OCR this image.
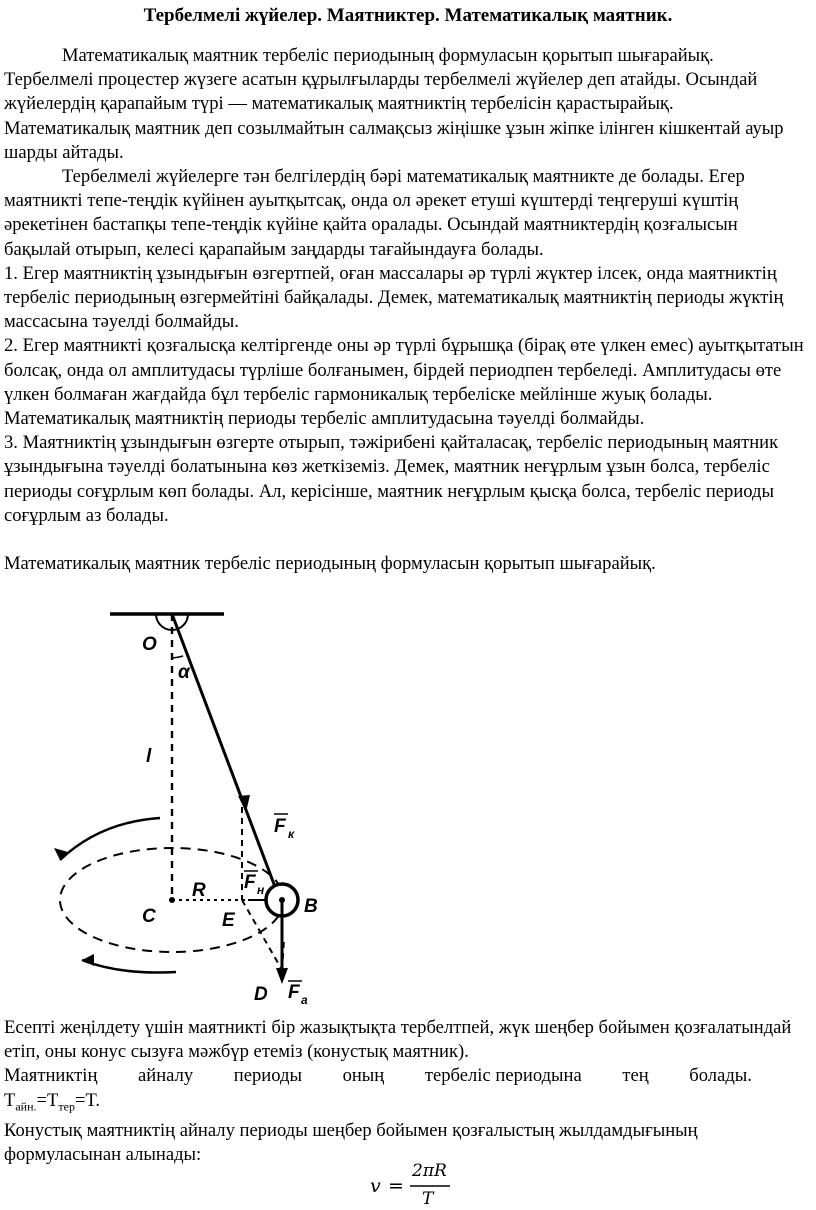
Тербелмелі жүйелер. Маятниктер. Математикалық маятник.

Математикалық маятник тербеліс периодының формуласын қорытып шығарайық. Тербелмелі процестер жүзеге асатын құрылғыларды тербелмелі жүйелер деп атайды. Осындай жүйелердің қарапайым түрі — математикалық маятниктің тербелісін қарастырайық. Математикалық маятник деп созылмайтын салмақсыз жіңішке ұзын жіпке ілінген кішкентай ауыр шарды айтады.

Тербелмелі жүйелерге тән белгілердің бәрі математикалық маятникте де болады. Егер маятникті тепе-теңдік күйінен ауытқытсақ, онда ол әрекет етуші күштерді теңгеруші күштің әрекетінен бастапқы тепе-теңдік күйіне қайта оралады. Осындай маятниктердің қозғалысын бақылай отырып, келесі қарапайым заңдарды тағайындауға болады.

1. Егер маятниктің ұзындығын өзгертпей, оған массалары әр түрлі жүктер ілсек, онда маятниктің тербеліс периодының өзгермейтіні байқалады. Демек, математикалық маятниктің периоды жүктің массасына тәуелді болмайды.

2. Егер маятникті қозғалысқа келтіргенде оны әр түрлі бұрышқа (бірақ өте үлкен емес) ауытқытатын болсақ, онда ол амплитудасы түрліше болғанымен, бірдей периодпен тербеледі. Амплитудасы өте үлкен болмаған жағдайда бұл тербеліс гармоникалық тербеліске мейлінше жуық болады. Математикалық маятниктің периоды тербеліс амплитудасына тәуелді болмайды.

3. Маятниктің ұзындығын өзгерте отырып, тәжірибені қайталасақ, тербеліс периодының маятник ұзындығына тәуелді болатынына көз жеткіземіз. Демек, маятник неғұрлым ұзын болса, тербеліс периоды соғұрлым көп болады. Ал, керісінше, маятник неғұрлым қысқа болса, тербеліс периоды соғұрлым аз болады.

Математикалық маятник тербеліс периодының формуласын қорытып шығарайық.

O
α
l
C
R
E
B
D
F к
F н
F а

Есепті жеңілдету үшін маятникті бір жазықтықта тербелтпей, жүк шеңбер бойымен қозғалатындай етіп, оны конус сызуға мәжбүр етеміз (конустық маятник).

Маятниктің айналу периоды оның тербеліс периодына тең болады.

$T_{айн.}=T_{тер}=T$.

Конустық маятниктің айналу периоды шеңбер бойымен қозғалыстың жылдамдығының формуласынан алынады:

v =
2πR
T
